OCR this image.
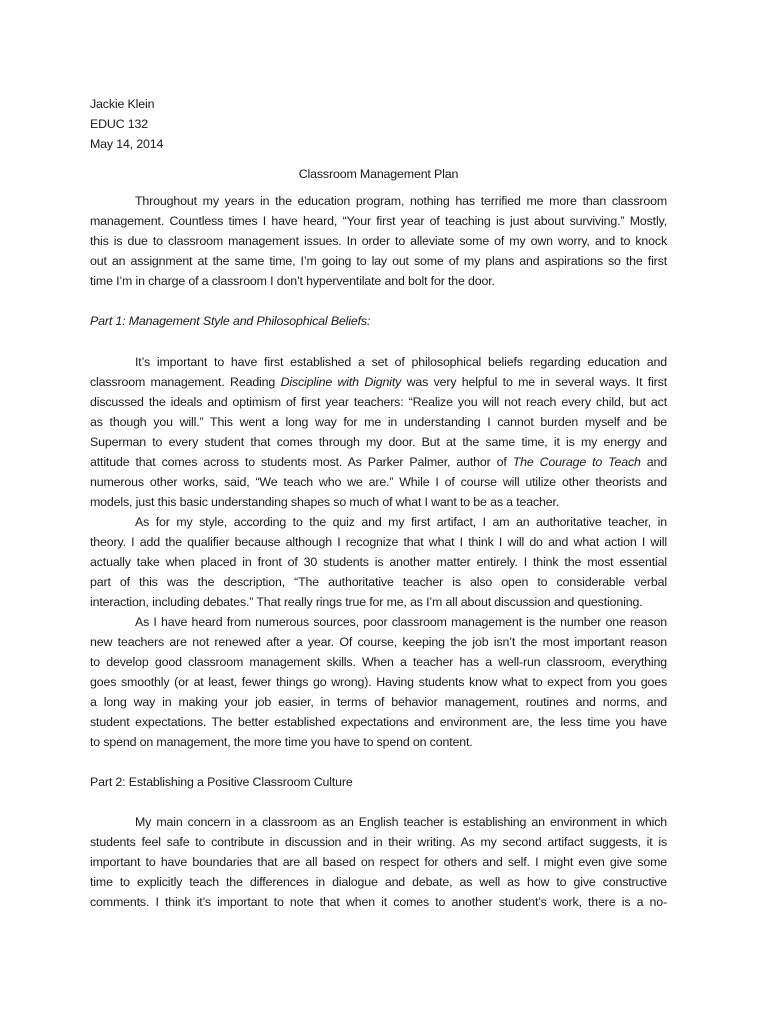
Jackie Klein
EDUC 132
May 14, 2014
Classroom Management Plan
Throughout my years in the education program, nothing has terrified me more than classroom
management. Countless times I have heard, “Your first year of teaching is just about surviving.” Mostly,
this is due to classroom management issues. In order to alleviate some of my own worry, and to knock
out an assignment at the same time, I’m going to lay out some of my plans and aspirations so the first
time I’m in charge of a classroom I don’t hyperventilate and bolt for the door.
Part 1: Management Style and Philosophical Beliefs:
It’s important to have first established a set of philosophical beliefs regarding education and
classroom management. Reading Discipline with Dignity was very helpful to me in several ways. It first
discussed the ideals and optimism of first year teachers: “Realize you will not reach every child, but act
as though you will.” This went a long way for me in understanding I cannot burden myself and be
Superman to every student that comes through my door. But at the same time, it is my energy and
attitude that comes across to students most. As Parker Palmer, author of The Courage to Teach and
numerous other works, said, “We teach who we are.” While I of course will utilize other theorists and
models, just this basic understanding shapes so much of what I want to be as a teacher.
As for my style, according to the quiz and my first artifact, I am an authoritative teacher, in
theory. I add the qualifier because although I recognize that what I think I will do and what action I will
actually take when placed in front of 30 students is another matter entirely. I think the most essential
part of this was the description, “The authoritative teacher is also open to considerable verbal
interaction, including debates.” That really rings true for me, as I’m all about discussion and questioning.
As I have heard from numerous sources, poor classroom management is the number one reason
new teachers are not renewed after a year. Of course, keeping the job isn’t the most important reason
to develop good classroom management skills. When a teacher has a well-run classroom, everything
goes smoothly (or at least, fewer things go wrong). Having students know what to expect from you goes
a long way in making your job easier, in terms of behavior management, routines and norms, and
student expectations. The better established expectations and environment are, the less time you have
to spend on management, the more time you have to spend on content.
Part 2: Establishing a Positive Classroom Culture
My main concern in a classroom as an English teacher is establishing an environment in which
students feel safe to contribute in discussion and in their writing. As my second artifact suggests, it is
important to have boundaries that are all based on respect for others and self. I might even give some
time to explicitly teach the differences in dialogue and debate, as well as how to give constructive
comments. I think it’s important to note that when it comes to another student’s work, there is a no-
